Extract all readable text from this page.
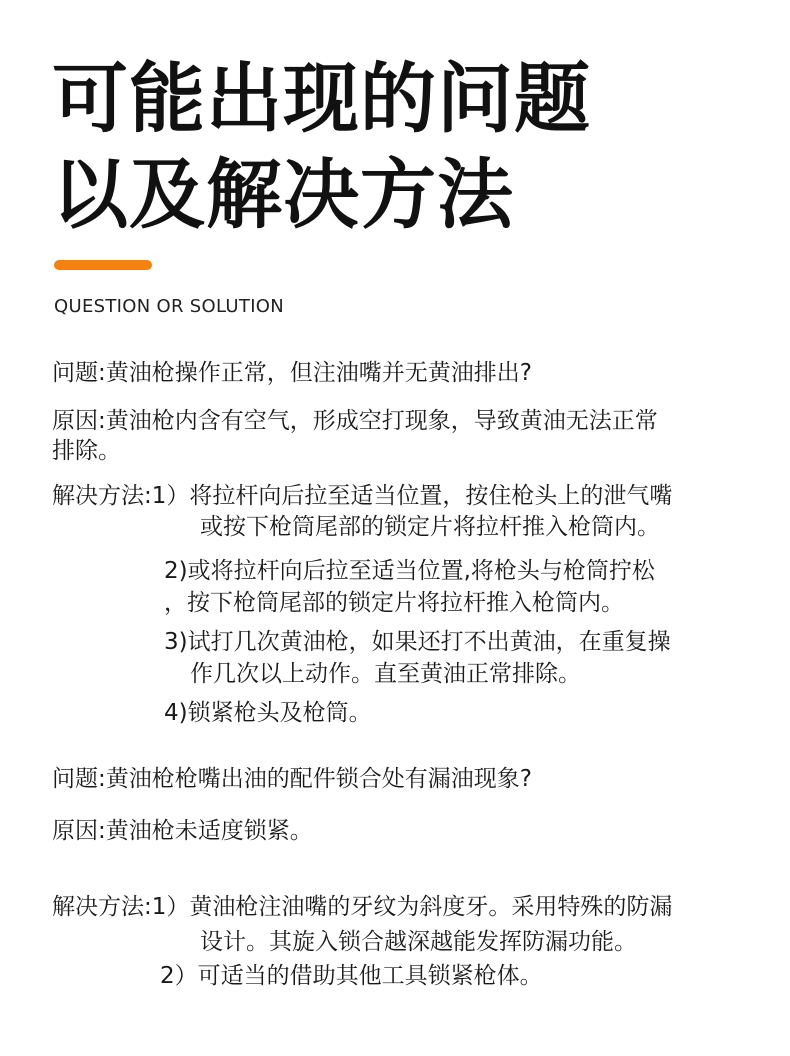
可能出现的问题
以及解决方法
QUESTION OR SOLUTION
问题:黄油枪操作正常，但注油嘴并无黄油排出?
原因:黄油枪内含有空气，形成空打现象，导致黄油无法正常
排除。
解决方法:1）将拉杆向后拉至适当位置，按住枪头上的泄气嘴
或按下枪筒尾部的锁定片将拉杆推入枪筒内。
2)或将拉杆向后拉至适当位置,将枪头与枪筒拧松
，按下枪筒尾部的锁定片将拉杆推入枪筒内。
3)试打几次黄油枪，如果还打不出黄油，在重复操
作几次以上动作。直至黄油正常排除。
4)锁紧枪头及枪筒。
问题:黄油枪枪嘴出油的配件锁合处有漏油现象?
原因:黄油枪未适度锁紧。
解决方法:1）黄油枪注油嘴的牙纹为斜度牙。采用特殊的防漏
设计。其旋入锁合越深越能发挥防漏功能。
2）可适当的借助其他工具锁紧枪体。
